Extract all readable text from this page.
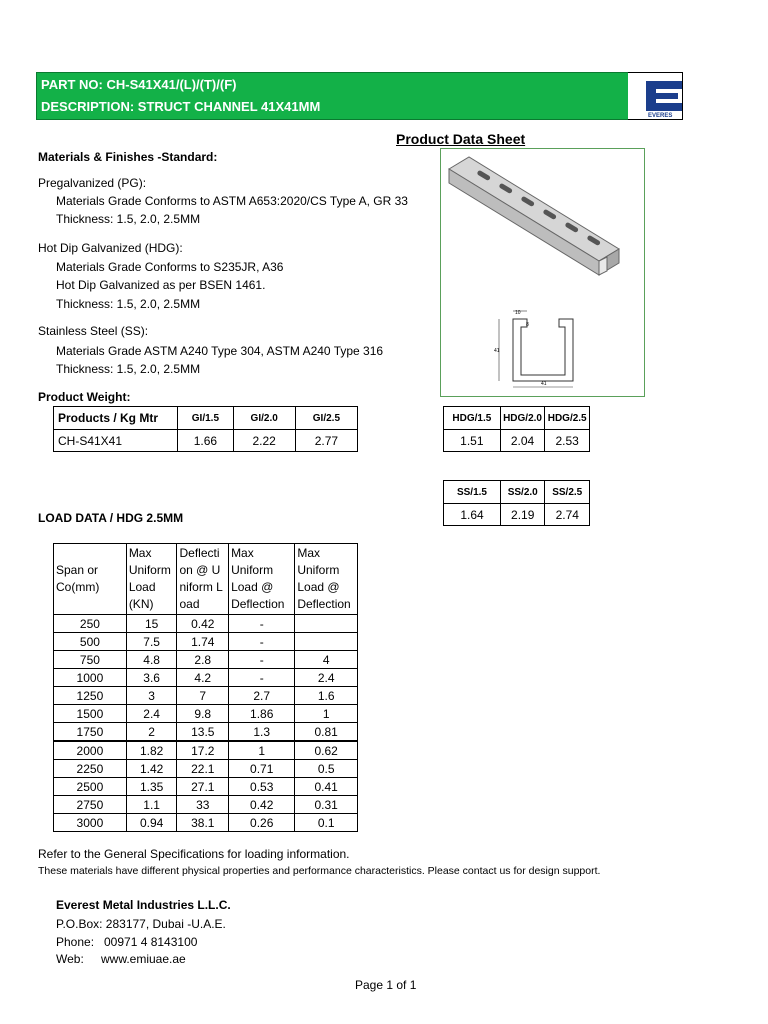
PART NO: CH-S41X41/(L)/(T)/(F)
DESCRIPTION: STRUCT CHANNEL 41X41MM
EVERES
Product Data Sheet
Materials & Finishes -Standard:
Pregalvanized (PG):
Materials Grade Conforms to ASTM A653:2020/CS Type A, GR 33
Thickness: 1.5, 2.0, 2.5MM
Hot Dip Galvanized (HDG):
Materials Grade Conforms to S235JR, A36
Hot Dip Galvanized as per BSEN 1461.
Thickness: 1.5, 2.0, 2.5MM
Stainless Steel (SS):
Materials Grade ASTM A240 Type 304, ASTM A240 Type 316
Thickness: 1.5, 2.0, 2.5MM
Product Weight:
10
41
41
8
Products / Kg Mtr	GI/1.5	GI/2.0	GI/2.5
CH-S41X41	1.66	2.22	2.77
HDG/1.5	HDG/2.0	HDG/2.5
1.51	2.04	2.53
SS/1.5	SS/2.0	SS/2.5
1.64	2.19	2.74
LOAD DATA / HDG 2.5MM
Span or Co(mm)	Max Uniform Load (KN)	Deflection @ Uniform Load	Max Uniform Load @ Deflection	Max Uniform Load @ Deflection
250	15	0.42	-	
500	7.5	1.74	-	
750	4.8	2.8	-	4
1000	3.6	4.2	-	2.4
1250	3	7	2.7	1.6
1500	2.4	9.8	1.86	1
1750	2	13.5	1.3	0.81
2000	1.82	17.2	1	0.62
2250	1.42	22.1	0.71	0.5
2500	1.35	27.1	0.53	0.41
2750	1.1	33	0.42	0.31
3000	0.94	38.1	0.26	0.1
Refer to the General Specifications for loading information.
These materials have different physical properties and performance characteristics. Please contact us for design support.
Everest Metal Industries L.L.C.
P.O.Box: 283177, Dubai -U.A.E.
Phone: 00971 4 8143100
Web: www.emiuae.ae
Page 1 of 1
